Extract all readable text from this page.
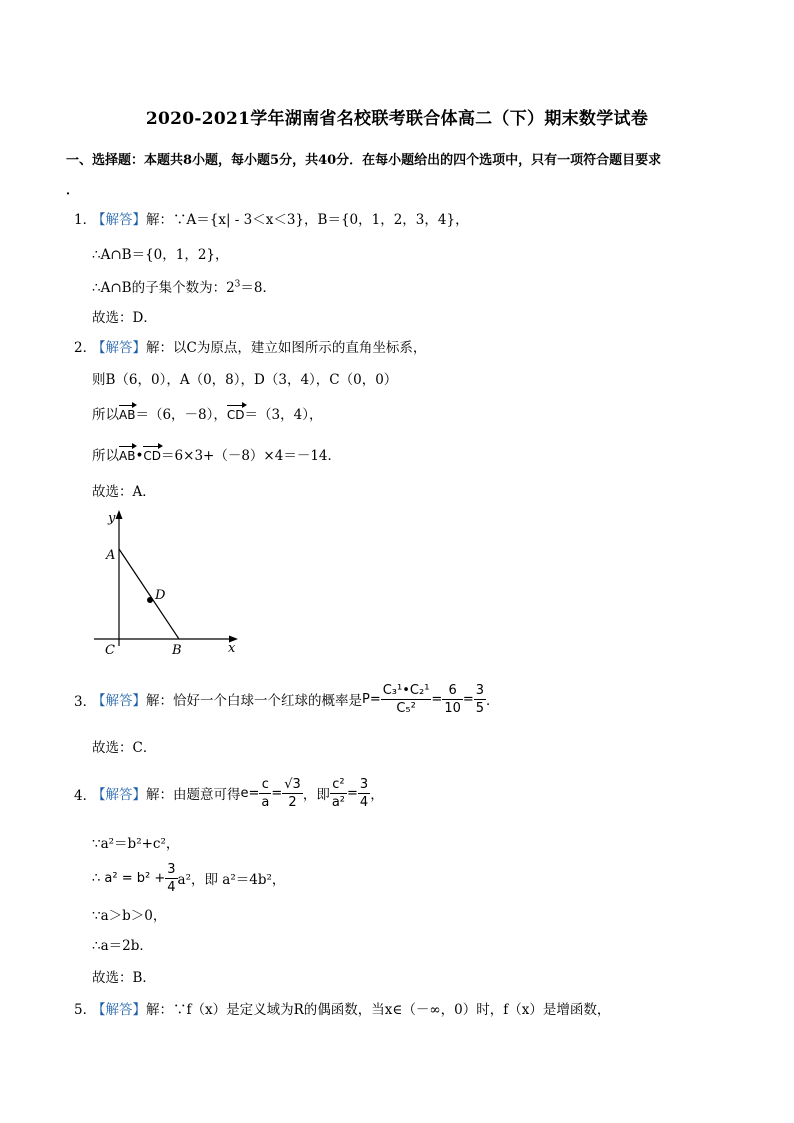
2020-2021学年湖南省名校联考联合体高二（下）期末数学试卷
一、选择题：本题共8小题，每小题5分，共40分．在每小题给出的四个选项中，只有一项符合题目要求
．
1．
【解答】解：∵A＝{x| - 3＜x＜3}，B＝{0，1，2，3，4}，
∴A∩B＝{0，1，2}，
∴A∩B的子集个数为：$2^3=8$．
故选：D．
2．
【解答】解：以C为原点，建立如图所示的直角坐标系，
则B（6，0），A（0，8），D（3，4），C（0，0）
所以AB＝（6，－8），CD＝（3，4），
所以AB•CD＝6×3+（－8）×4＝－14．
故选：A．
y
x
A
D
C	B
3．
【解答】 解：恰好一个白球一个红球的概率是 $P= \frac{\text{C₃¹•C₂¹}}{\text{C₅²}} = \frac{6}{10} = \frac{3}{5}$ ．
故选：C．
4．
【解答】 解：由题意可得 $e= \frac{c}{a} = \frac{√3}{2}$ ，即 $\frac{\text{c²}}{\text{a²}} = \frac{3}{4}$ ，
∵a²＝b²+c²，
∴ $a^2 = b^2 + \frac{3}{4} a^2$，即 a²＝4b²，
∵a＞b＞0，
∴a＝2b．
故选：B．
5．
【解答】解：∵f（x）是定义域为R的偶函数，当x∈（－∞，0）时，f（x）是增函数，
